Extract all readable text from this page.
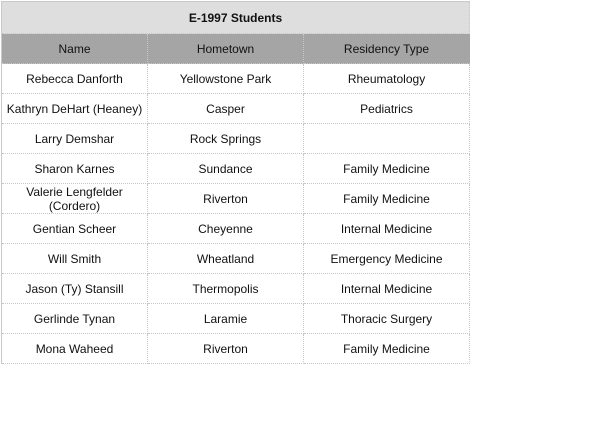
E-1997 Students		
Name	Hometown	Residency Type
Rebecca Danforth	Yellowstone Park	Rheumatology
Kathryn DeHart (Heaney)	Casper	Pediatrics
Larry Demshar	Rock Springs	
Sharon Karnes	Sundance	Family Medicine
Valerie Lengfelder (Cordero)	Riverton	Family Medicine
Gentian Scheer	Cheyenne	Internal Medicine
Will Smith	Wheatland	Emergency Medicine
Jason (Ty) Stansill	Thermopolis	Internal Medicine
Gerlinde Tynan	Laramie	Thoracic Surgery
Mona Waheed	Riverton	Family Medicine
